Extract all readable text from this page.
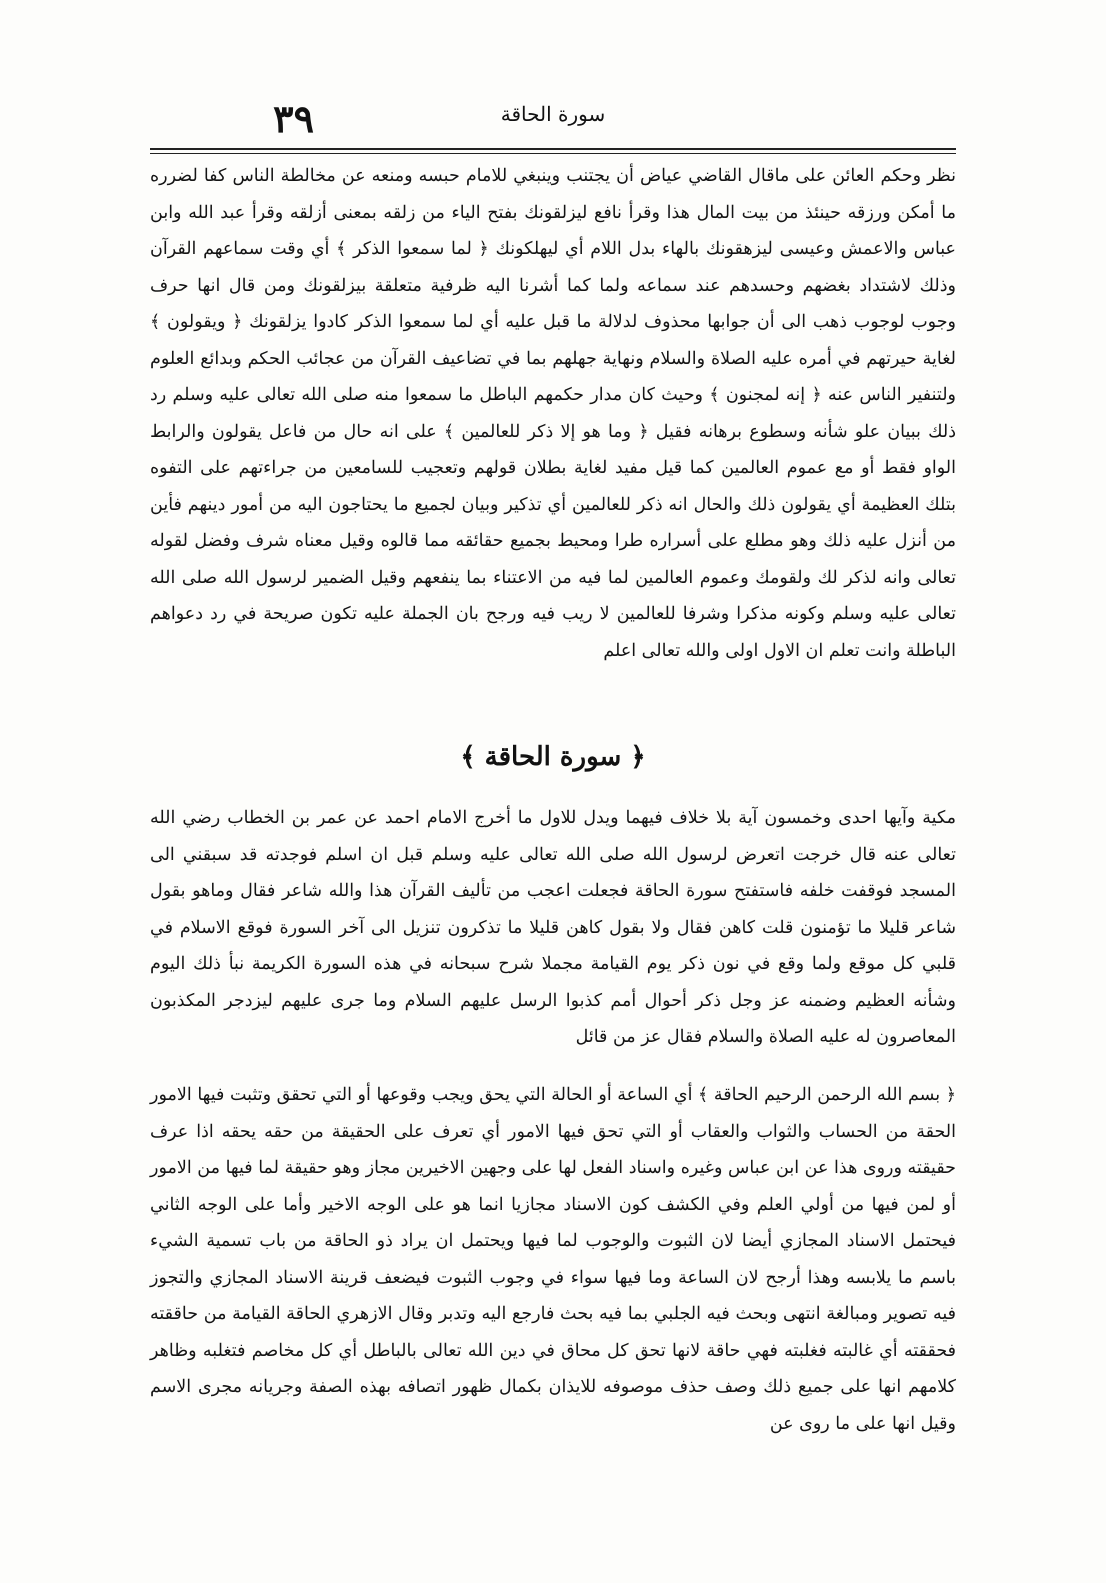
٣٩	سورة الحاقة

نظر وحكم العائن على ماقال القاضي عياض أن يجتنب وينبغي للامام حبسه ومنعه عن مخالطة الناس كفا لضرره ما أمكن ورزقه حينئذ من بيت المال هذا وقرأ نافع ليزلقونك بفتح الياء من زلقه بمعنى أزلقه وقرأ عبد الله وابن عباس والاعمش وعيسى ليزهقونك بالهاء بدل اللام أي ليهلكونك ﴿ لما سمعوا الذكر ﴾ أي وقت سماعهم القرآن وذلك لاشتداد بغضهم وحسدهم عند سماعه ولما كما أشرنا اليه ظرفية متعلقة بيزلقونك ومن قال انها حرف وجوب لوجوب ذهب الى أن جوابها محذوف لدلالة ما قبل عليه أي لما سمعوا الذكر كادوا يزلقونك ﴿ ويقولون ﴾ لغاية حيرتهم في أمره عليه الصلاة والسلام ونهاية جهلهم بما في تضاعيف القرآن من عجائب الحكم وبدائع العلوم ولتنفير الناس عنه ﴿ إنه لمجنون ﴾ وحيث كان مدار حكمهم الباطل ما سمعوا منه صلى الله تعالى عليه وسلم رد ذلك ببيان علو شأنه وسطوع برهانه فقيل ﴿ وما هو إلا ذكر للعالمين ﴾ على انه حال من فاعل يقولون والرابط الواو فقط أو مع عموم العالمين كما قيل مفيد لغاية بطلان قولهم وتعجيب للسامعين من جراءتهم على التفوه بتلك العظيمة أي يقولون ذلك والحال انه ذكر للعالمين أي تذكير وبيان لجميع ما يحتاجون اليه من أمور دينهم فأين من أنزل عليه ذلك وهو مطلع على أسراره طرا ومحيط بجميع حقائقه مما قالوه وقيل معناه شرف وفضل لقوله تعالى وانه لذكر لك ولقومك وعموم العالمين لما فيه من الاعتناء بما ينفعهم وقيل الضمير لرسول الله صلى الله تعالى عليه وسلم وكونه مذكرا وشرفا للعالمين لا ريب فيه ورجح بان الجملة عليه تكون صريحة في رد دعواهم الباطلة وانت تعلم ان الاول اولى والله تعالى اعلم

﴿ سورة الحاقة ﴾

مكية وآيها احدى وخمسون آية بلا خلاف فيهما ويدل للاول ما أخرج الامام احمد عن عمر بن الخطاب رضي الله تعالى عنه قال خرجت اتعرض لرسول الله صلى الله تعالى عليه وسلم قبل ان اسلم فوجدته قد سبقني الى المسجد فوقفت خلفه فاستفتح سورة الحاقة فجعلت اعجب من تأليف القرآن هذا والله شاعر فقال وماهو بقول شاعر قليلا ما تؤمنون قلت كاهن فقال ولا بقول كاهن قليلا ما تذكرون تنزيل الى آخر السورة فوقع الاسلام في قلبي كل موقع ولما وقع في نون ذكر يوم القيامة مجملا شرح سبحانه في هذه السورة الكريمة نبأ ذلك اليوم وشأنه العظيم وضمنه عز وجل ذكر أحوال أمم كذبوا الرسل عليهم السلام وما جرى عليهم ليزدجر المكذبون المعاصرون له عليه الصلاة والسلام فقال عز من قائل

﴿ بسم الله الرحمن الرحيم الحاقة ﴾ أي الساعة أو الحالة التي يحق ويجب وقوعها أو التي تحقق وتثبت فيها الامور الحقة من الحساب والثواب والعقاب أو التي تحق فيها الامور أي تعرف على الحقيقة من حقه يحقه اذا عرف حقيقته وروى هذا عن ابن عباس وغيره واسناد الفعل لها على وجهين الاخيرين مجاز وهو حقيقة لما فيها من الامور أو لمن فيها من أولي العلم وفي الكشف كون الاسناد مجازيا انما هو على الوجه الاخير وأما على الوجه الثاني فيحتمل الاسناد المجازي أيضا لان الثبوت والوجوب لما فيها ويحتمل ان يراد ذو الحاقة من باب تسمية الشيء باسم ما يلابسه وهذا أرجح لان الساعة وما فيها سواء في وجوب الثبوت فيضعف قرينة الاسناد المجازي والتجوز فيه تصوير ومبالغة انتهى وبحث فيه الجلبي بما فيه بحث فارجع اليه وتدبر وقال الازهري الحاقة القيامة من حاققته فحققته أي غالبته فغلبته فهي حاقة لانها تحق كل محاق في دين الله تعالى بالباطل أي كل مخاصم فتغلبه وظاهر كلامهم انها على جميع ذلك وصف حذف موصوفه للايذان بكمال ظهور اتصافه بهذه الصفة وجريانه مجرى الاسم وقيل انها على ما روى عن
